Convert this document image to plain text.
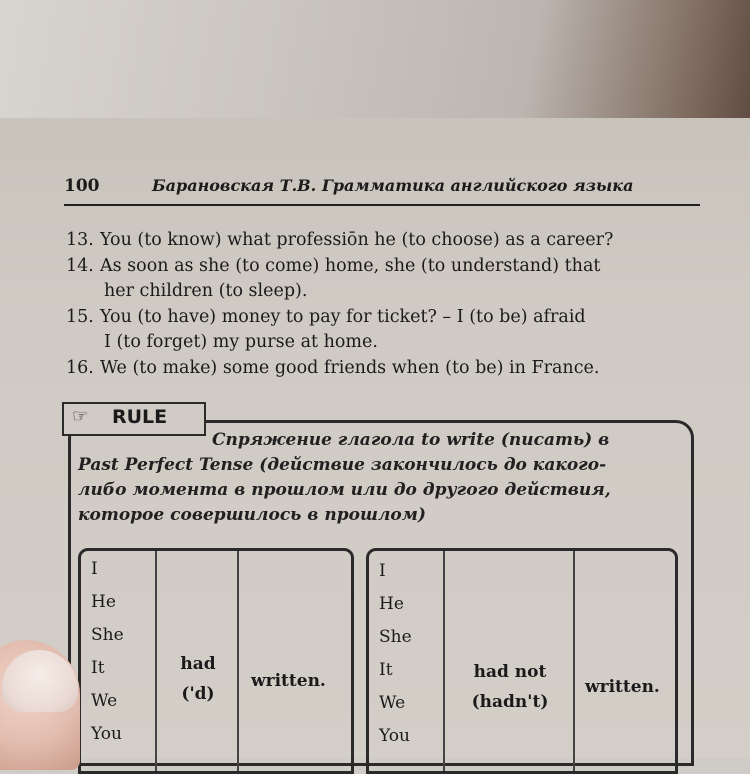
100	Барановская Т.В. Грамматика английского языка
13. You (to know) what professiōn he (to choose) as a career?
14. As soon as she (to come) home, she (to understand) that
her children (to sleep).
15. You (to have) money to pay for ticket? – I (to be) afraid
I (to forget) my purse at home.
16. We (to make) some good friends when (to be) in France.
☞ RULE
Спряжение глагола to write (писать) в
Past Perfect Tense (действие закончилось до какого-
либо момента в прошлом или до другого действия,
которое совершилось в прошлом)
I
He
She
It
We
You
had
('d)
written.
I
He
She
It
We
You
had not
(hadn't)
written.
